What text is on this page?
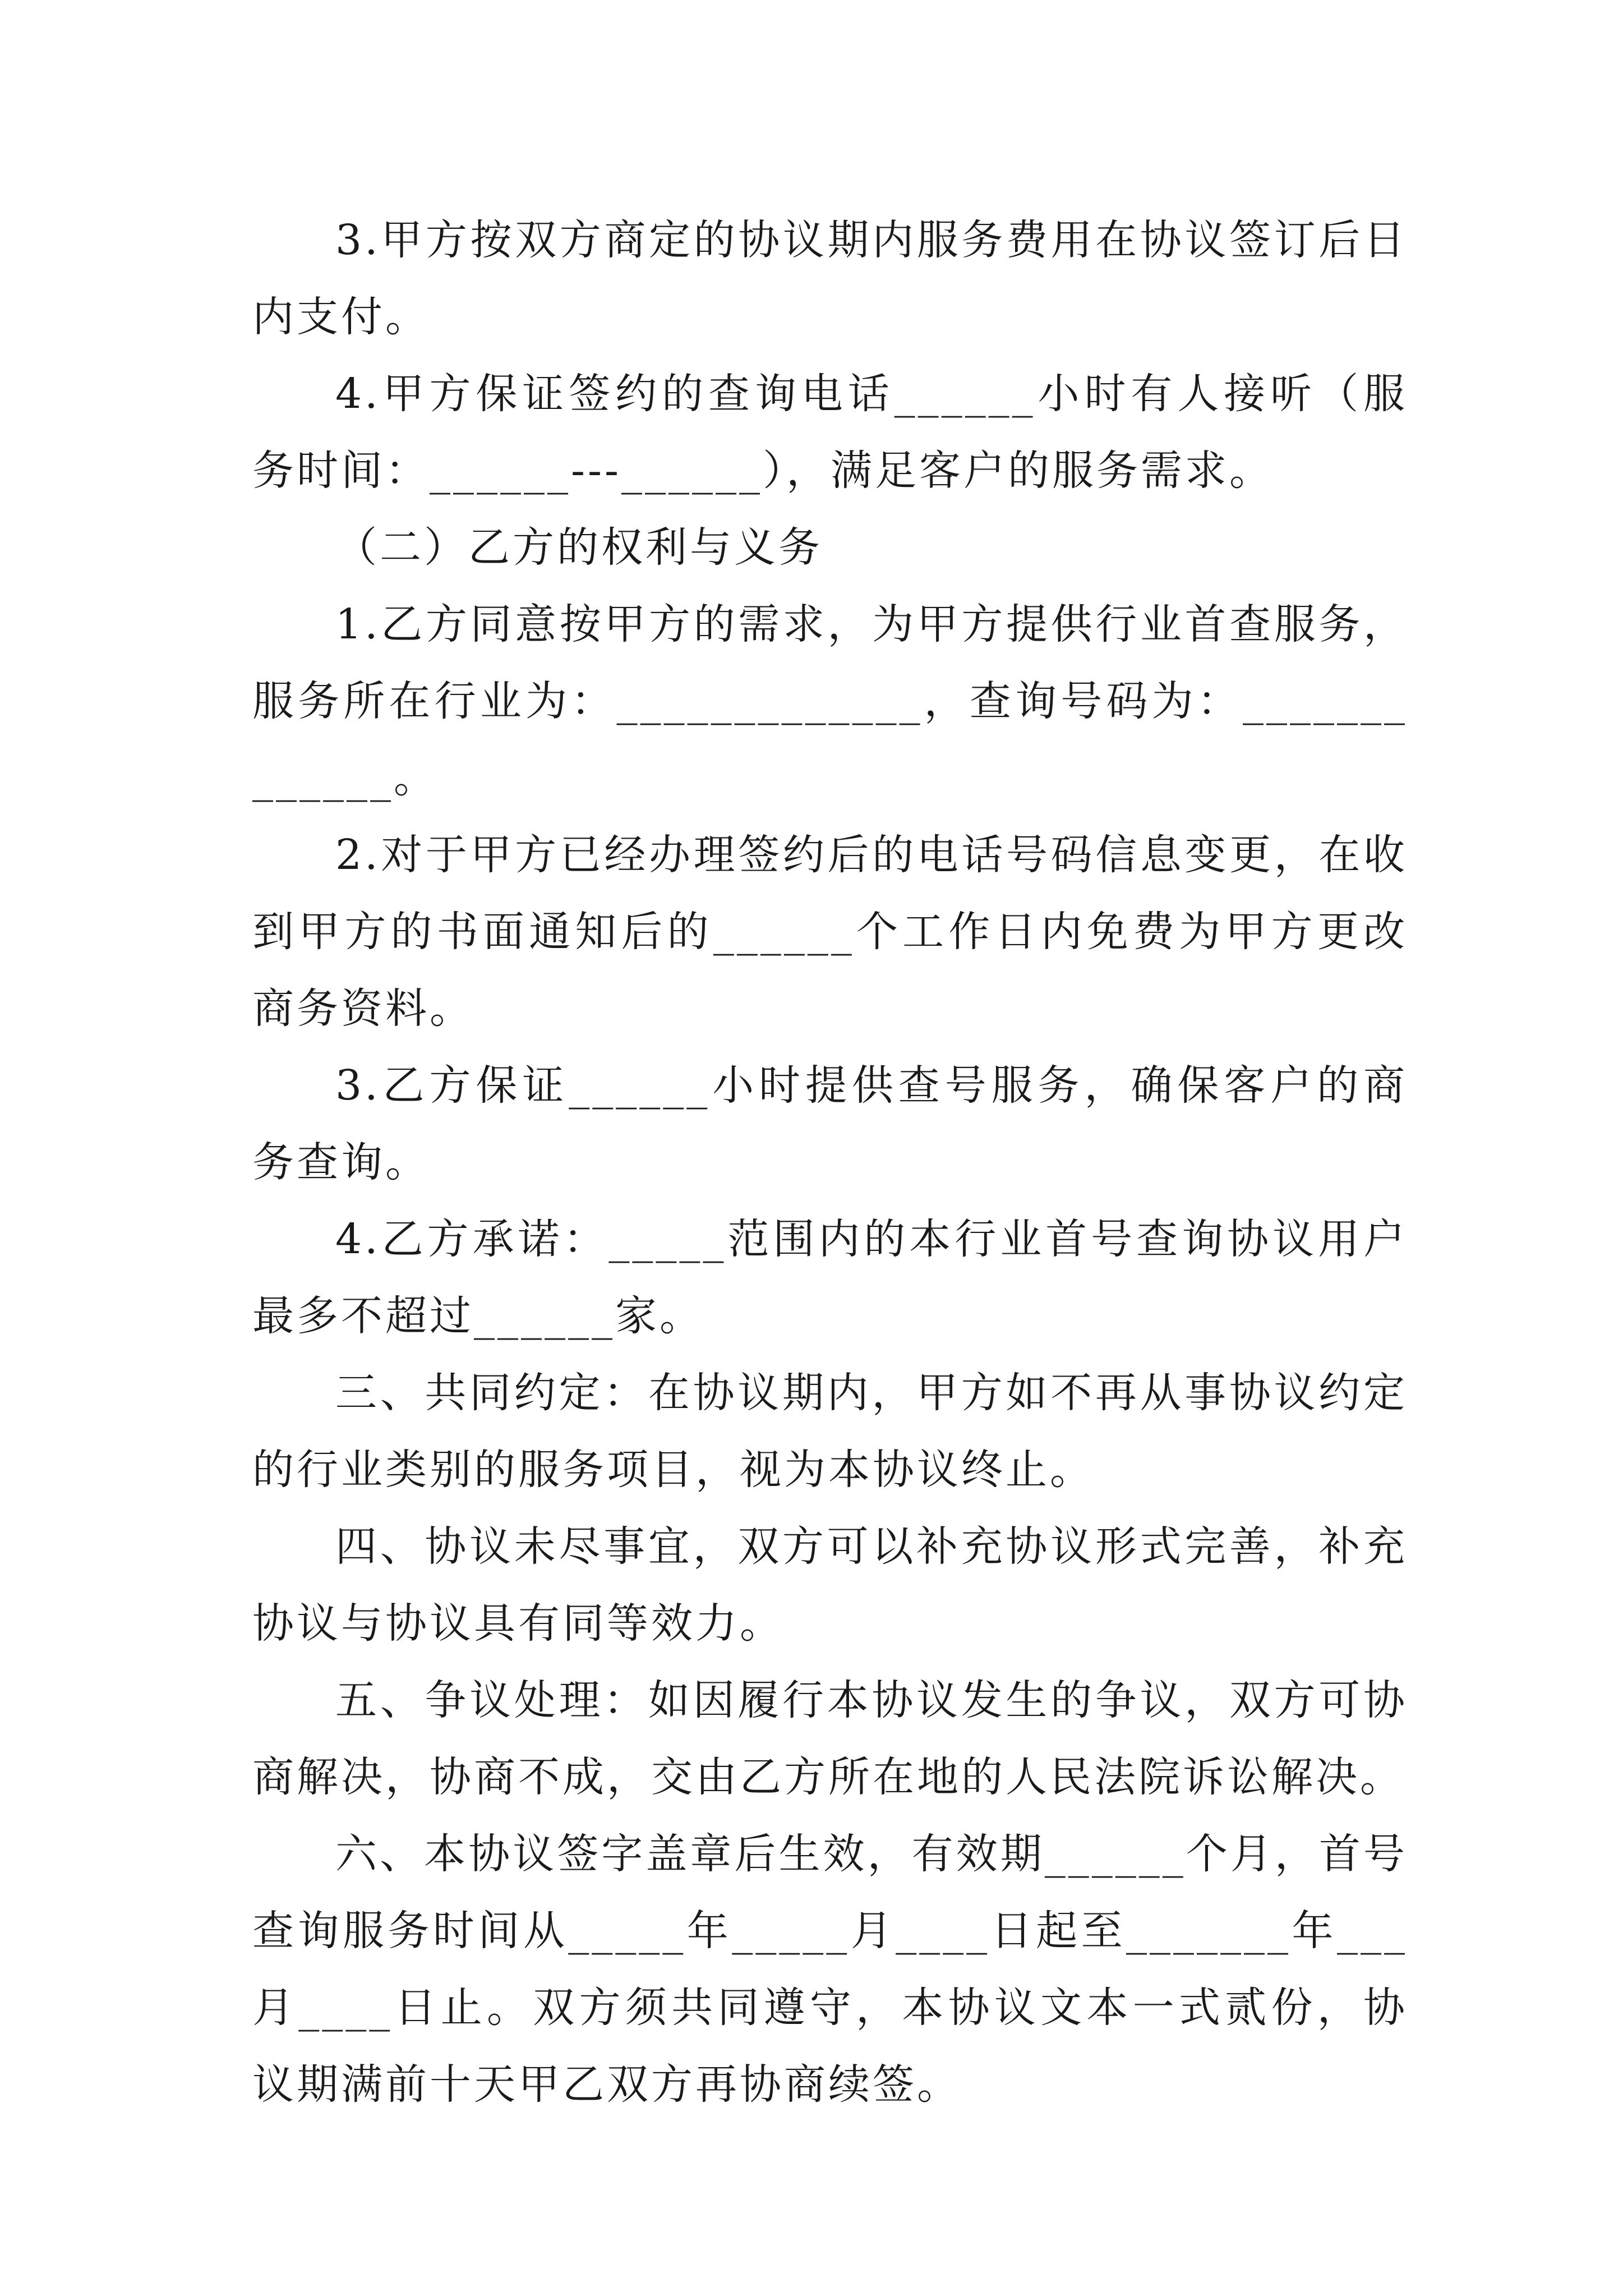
3.甲方按双方商定的协议期内服务费用在协议签订后日内支付。

4.甲方保证签约的查询电话______小时有人接听（服务时间：______---______），满足客户的服务需求。

（二）乙方的权利与义务

1.乙方同意按甲方的需求，为甲方提供行业首查服务，服务所在行业为：_____________，查询号码为：_____________。

2.对于甲方已经办理签约后的电话号码信息变更，在收到甲方的书面通知后的______个工作日内免费为甲方更改商务资料。

3.乙方保证______小时提供查号服务，确保客户的商务查询。

4.乙方承诺：_____范围内的本行业首号查询协议用户最多不超过______家。

三、共同约定：在协议期内，甲方如不再从事协议约定的行业类别的服务项目，视为本协议终止。

四、协议未尽事宜，双方可以补充协议形式完善，补充协议与协议具有同等效力。

五、争议处理：如因履行本协议发生的争议，双方可协商解决，协商不成，交由乙方所在地的人民法院诉讼解决。

六、本协议签字盖章后生效，有效期______个月，首号查询服务时间从_____年_____月____日起至_______年___月____日止。双方须共同遵守，本协议文本一式贰份，协议期满前十天甲乙双方再协商续签。
